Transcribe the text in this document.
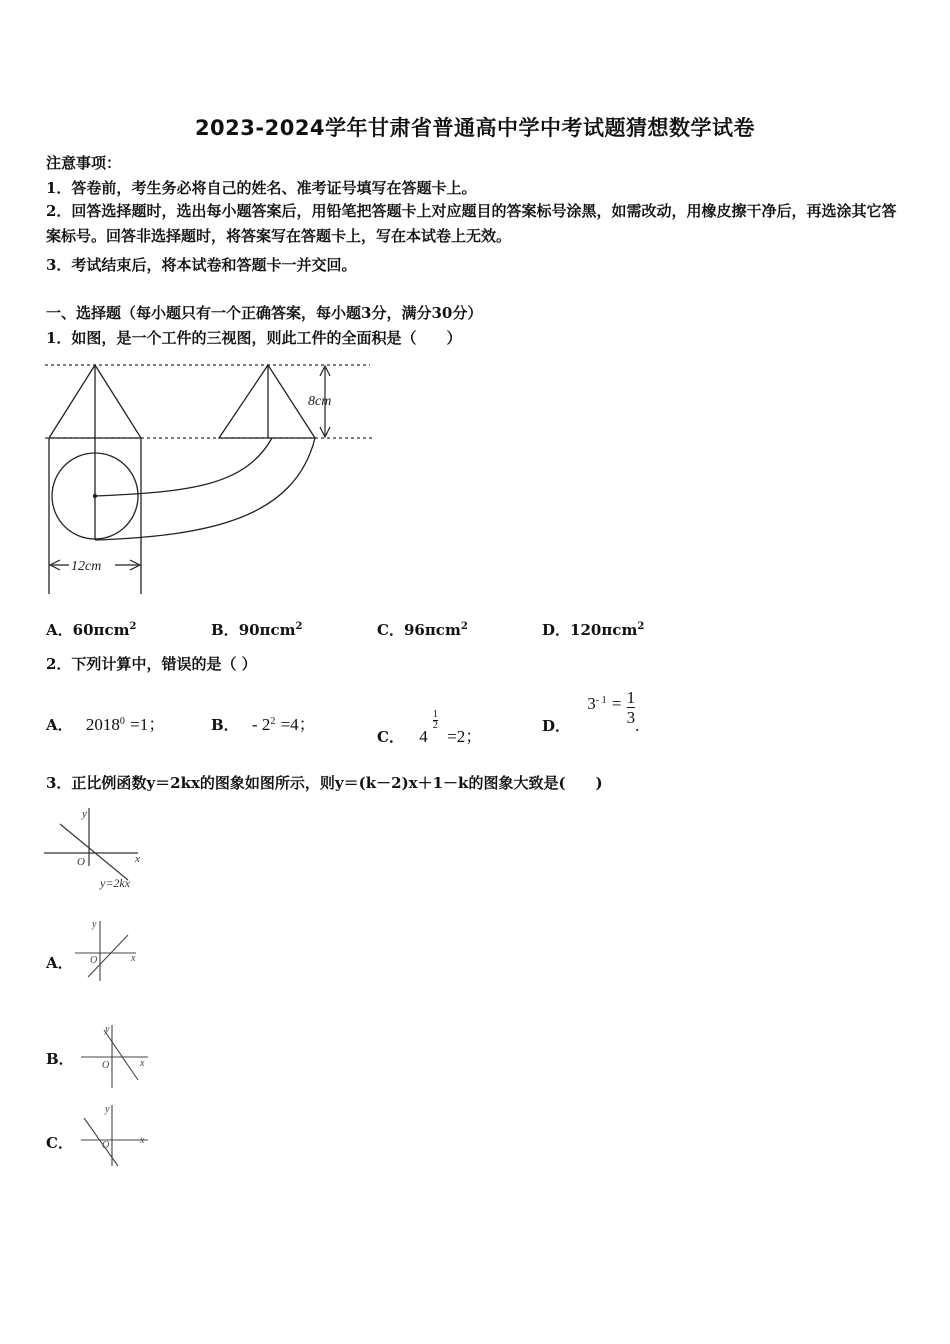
2023-2024学年甘肃省普通高中学中考试题猜想数学试卷
注意事项：
1．答卷前，考生务必将自己的姓名、准考证号填写在答题卡上。
2．回答选择题时，选出每小题答案后，用铅笔把答题卡上对应题目的答案标号涂黑，如需改动，用橡皮擦干净后，再选涂其它答案标号。回答非选择题时，将答案写在答题卡上，写在本试卷上无效。
3．考试结束后，将本试卷和答题卡一并交回。
一、选择题（每小题只有一个正确答案，每小题3分，满分30分）
1．如图，是一个工件的三视图，则此工件的全面积是（　　）
8cm
12cm
A．60πcm$^2$	B．90πcm$^2$	C．96πcm$^2$	D．120πcm$^2$
2．下列计算中，错误的是（ ）
A． $2018^0 =1$；	B． - $2^2 =4$；
C． 4
$\frac{1}{2}$
=2；
D． $3^{- 1} = \frac{1}{3}$ .
3．正比例函数y＝2kx的图象如图所示，则y＝(k－2)x＋1－k的图象大致是(　　)
y
x
O
y=2kx
A．
y
x
O
B．
y
x
O
C．
y
x
O
